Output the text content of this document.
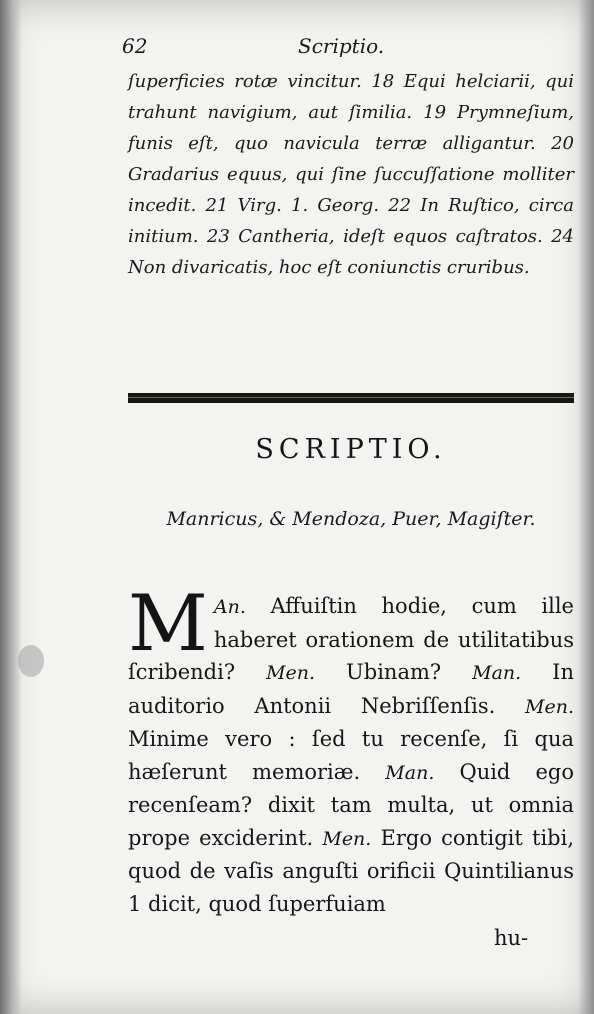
62	Scriptio.
ſuperficies rotæ vincitur. 18 Equi helciarii, qui trahunt navigium, aut ſimilia. 19 Prymneſium, funis eſt, quo navicula terræ alligantur. 20 Gradarius equus, qui ſine ſuccuſſatione molliter incedit. 21 Virg. 1. Georg. 22 In Ruſtico, circa initium. 23 Cantheria, ideſt equos caſtratos. 24 Non divaricatis, hoc eſt coniunctis cruribus.
SCRIPTIO.
Manricus, & Mendoza, Puer, Magiſter.
M An. Affuiſtin hodie, cum ille haberet orationem de utilitatibus ſcribendi? Men. Ubinam? Man. In auditorio Antonii Nebriſſenſis. Men. Minime vero : ſed tu recenſe, ſi qua hæſerunt memoriæ. Man. Quid ego recenſeam? dixit tam multa, ut omnia prope exciderint. Men. Ergo contigit tibi, quod de vaſis anguſti orificii Quintilianus 1 dicit, quod ſuperfuiam
hu-
